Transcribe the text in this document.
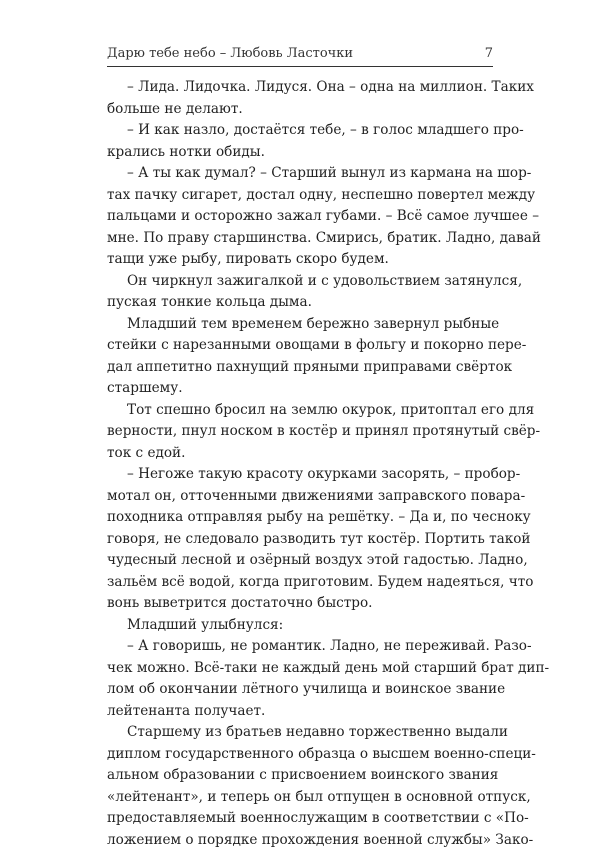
Дарю тебе небо – Любовь Ласточки	7
– Лида. Лидочка. Лидуся. Она – одна на миллион. Таких
больше не делают.
– И как назло, достаётся тебе, – в голос младшего про-
крались нотки обиды.
– А ты как думал? – Старший вынул из кармана на шор-
тах пачку сигарет, достал одну, неспешно повертел между
пальцами и осторожно зажал губами. – Всё самое лучшее –
мне. По праву старшинства. Смирись, братик. Ладно, давай
тащи уже рыбу, пировать скоро будем.
Он чиркнул зажигалкой и с удовольствием затянулся,
пуская тонкие кольца дыма.
Младший тем временем бережно завернул рыбные
стейки с нарезанными овощами в фольгу и покорно пере-
дал аппетитно пахнущий пряными приправами свёрток
старшему.
Тот спешно бросил на землю окурок, притоптал его для
верности, пнул носком в костёр и принял протянутый свёр-
ток с едой.
– Негоже такую красоту окурками засорять, – пробор-
мотал он, отточенными движениями заправского повара-
походника отправляя рыбу на решётку. – Да и, по чесноку
говоря, не следовало разводить тут костёр. Портить такой
чудесный лесной и озёрный воздух этой гадостью. Ладно,
зальём всё водой, когда приготовим. Будем надеяться, что
вонь выветрится достаточно быстро.
Младший улыбнулся:
– А говоришь, не романтик. Ладно, не переживай. Разо-
чек можно. Всё-таки не каждый день мой старший брат дип-
лом об окончании лётного училища и воинское звание
лейтенанта получает.
Старшему из братьев недавно торжественно выдали
диплом государственного образца о высшем военно-специ-
альном образовании с присвоением воинского звания
«лейтенант», и теперь он был отпущен в основной отпуск,
предоставляемый военнослужащим в соответствии с «По-
ложением о порядке прохождения военной службы» Зако-
